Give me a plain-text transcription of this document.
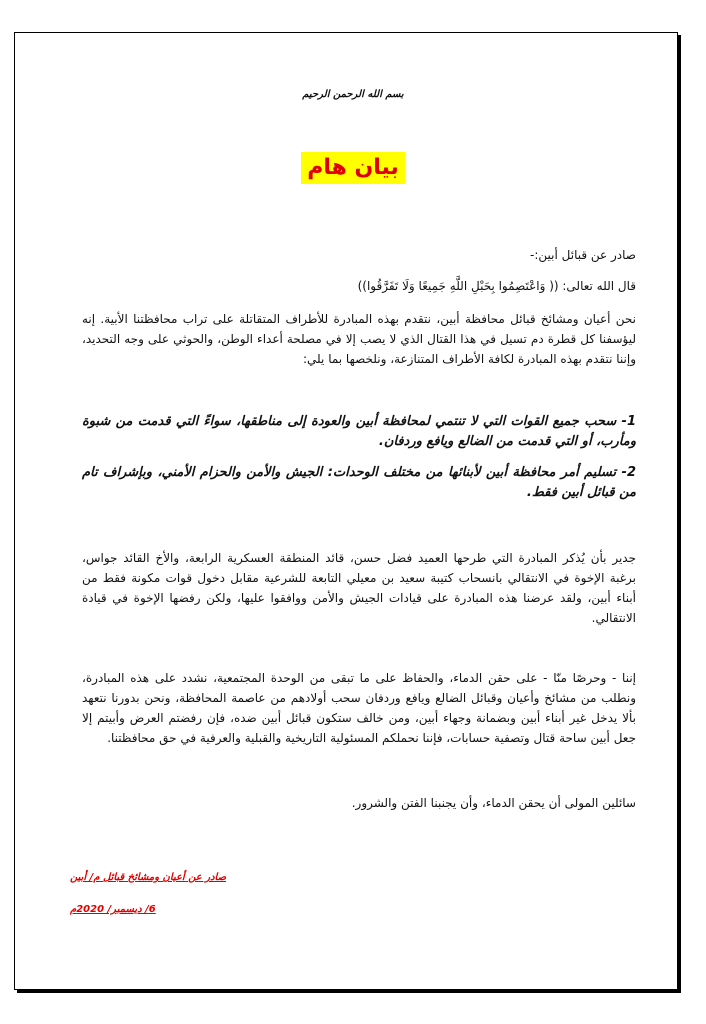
بسم الله الرحمن الرحيم
بيان هام

صادر عن قبائل أبين:-

قال الله تعالى: (( وَاعْتَصِمُوا بِحَبْلِ اللَّهِ جَمِيعًا وَلَا تَفَرَّقُوا))

نحن أعيان ومشائخ قبائل محافظة أبين، نتقدم بهذه المبادرة للأطراف المتقاتلة على تراب محافظتنا الأبية. إنه ليؤسفنا كل قطرة دم تسيل في هذا القتال الذي لا يصب إلا في مصلحة أعداء الوطن، والحوثي على وجه التحديد، وإننا نتقدم بهذه المبادرة لكافة الأطراف المتنازعة، ونلخصها بما يلي:

1- سحب جميع القوات التي لا تنتمي لمحافظة أبين والعودة إلى مناطقها، سواءً التي قدمت من شبوة ومأرب، أو التي قدمت من الضالع ويافع وردفان.

2- تسليم أمر محافظة أبين لأبنائها من مختلف الوحدات: الجيش والأمن والحزام الأمني، وبإشراف تام من قبائل أبين فقط.

جدير بأن يُذكر المبادرة التي طرحها العميد فضل حسن، قائد المنطقة العسكرية الرابعة، والأخ القائد جواس، برغبة الإخوة في الانتقالي بانسحاب كتيبة سعيد بن معيلي التابعة للشرعية مقابل دخول قوات مكونة فقط من أبناء أبين، ولقد عرضنا هذه المبادرة على قيادات الجيش والأمن ووافقوا عليها، ولكن رفضها الإخوة في قيادة الانتقالي.

إننا - وحرصًا منّا - على حقن الدماء، والحفاظ على ما تبقى من الوحدة المجتمعية، نشدد على هذه المبادرة، ونطلب من مشائخ وأعيان وقبائل الضالع ويافع وردفان سحب أولادهم من عاصمة المحافظة، ونحن بدورنا نتعهد بألا يدخل غير أبناء أبين وبضمانة وجهاء أبين، ومن خالف ستكون قبائل أبين ضده، فإن رفضتم العرض وأبيتم إلا جعل أبين ساحة قتال وتصفية حسابات، فإننا نحملكم المسئولية التاريخية والقبلية والعرفية في حق محافظتنا.

سائلين المولى أن يحقن الدماء، وأن يجنبنا الفتن والشرور.

صادر عن أعيان ومشائخ قبائل م/ أبين
6/ ديسمبر/ 2020م
